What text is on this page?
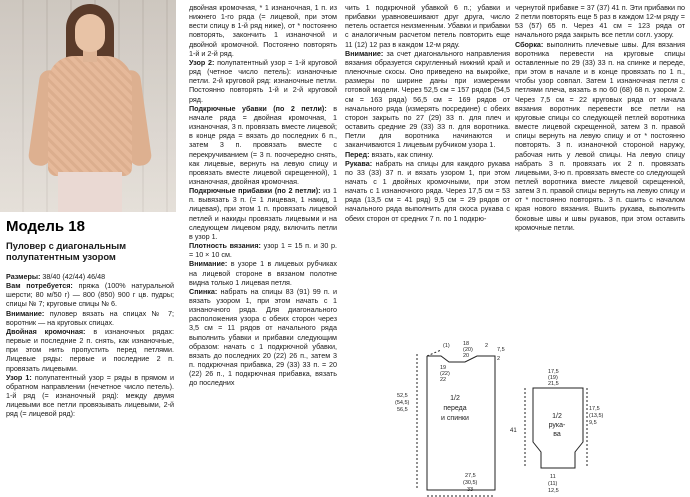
Модель 18
Пуловер с диагональным полупатентным узором

Размеры: 38/40 (42/44) 46/48

Вам потребуется: пряжа (100% натуральной шерсти; 80 м/50 г) — 800 (850) 900 г цв. пудры; спицы № 7; круговые спицы № 6.

Внимание: пуловер вязать на спицах № 7; воротник — на круговых спицах.

Двойная кромочная: в изнаночных рядах: первые и последние 2 п. снять, как изнаночные, при этом нить пропустить перед петлями. Лицевые ряды: первые и последние 2 п. провязать лицевыми.

Узор 1: полупатентный узор = ряды в прямом и обратном направлении (нечетное число петель). 1-й ряд (= изнаночный ряд): между двумя лицевыми все петли провязывать лицевыми, 2-й ряд (= лицевой ряд):

двойная кромочная, * 1 изнаночная, 1 п. из нижнего 1-го ряда (= лицевой, при этом вести спицу в 1-й ряд ниже), от * постоянно повторять, закончить 1 изнаночной и двойной кромочной. Постоянно повторять 1-й и 2-й ряд.

Узор 2: полупатентный узор = 1-й круговой ряд (четное число петель): изнаночные петли. 2-й круговой ряд: изнаночные петли. Постоянно повторять 1-й и 2-й круговой ряд.

Подкрючные убавки (по 2 петли): в начале ряда = двойная кромочная, 1 изнаночная, 3 п. провязать вместе лицевой; в конце ряда = вязать до последних 6 п., затем 3 п. провязать вместе с перекручиванием (= 3 п. поочередно снять, как лицевые, вернуть на левую спицу и провязать вместе лицевой скрещенной), 1 изнаночная, двойная кромочная.

Подкрючные прибавки (по 2 петли): из 1 п. вывязать 3 п. (= 1 лицевая, 1 накид, 1 лицевая), при этом 1 п. провязать лицевой петлей и накиды провязать лицевыми и на следующем лицевом ряду, включить петли в узор 1.

Плотность вязания: узор 1 = 15 п. и 30 р. = 10 × 10 см.

Внимание: в узоре 1 в лицевых рубчиках на лицевой стороне в вязаном полотне видна только 1 лицевая петля.

Спинка: набрать на спицы 83 (91) 99 п. и вязать узором 1, при этом начать с 1 изнаночного ряда. Для диагонального расположения узора с обеих сторон через 3,5 см = 11 рядов от начального ряда выполнить убавки и прибавки следующим образом: начать с 1 подкрючной убавки, вязать до последних 20 (22) 26 п., затем 3 п. подкрючная прибавка, 29 (33) 33 п. = 20 (22) 26 п., 1 подкрючная прибавка, вязать до последних

чить 1 подкрючной убавкой 6 п.; убавки и прибавки уравновешивают друг друга, число петель остается неизменным. Убавки и прибавки с аналогичным расчетом петель повторить еще 11 (12) 12 раз в каждом 12-м ряду.

Внимание: за счет диагонального направления вязания образуется скругленный нижний край и пленочные скосы. Оно приведено на выкройке, размеры по ширине даны при измерении готовой модели. Через 52,5 см = 157 рядов (54,5 см = 163 ряда) 56,5 см = 169 рядов от начального ряда (измерять посредине) с обеих сторон закрыть по 27 (29) 33 п. для плеч и оставить средние 29 (33) 33 п. для воротника. Петли для воротника начинаются и заканчиваются 1 лицевым рубчиком узора 1.

Перед: вязать, как спинку.

Рукава: набрать на спицы для каждого рукава по 33 (33) 37 п. и вязать узором 1, при этом начать с 1 двойных кромочными, при этом начать с 1 изнаночного ряда. Через 17,5 см = 53 ряда (13,5 см = 41 ряд) 9,5 см = 29 рядов от начального ряда выполнить для скоса рукава с обеих сторон от средних 7 п. по 1 подкрю-

чернутой прибавке = 37 (37) 41 п. Эти прибавки по 2 петли повторять еще 5 раз в каждом 12-м ряду = 53 (57) 65 п. Через 41 см = 123 ряда от начального ряда закрыть все петли согл. узору.

Сборка: выполнить плечевые швы. Для вязания воротника перевести на круговые спицы оставленные по 29 (33) 33 п. на спинке и переде, при этом в начале и в конце провязать по 1 п., чтобы узор совпал. Затем 1 изнаночная петля с петлями плеча, вязать в по 60 (68) 68 п. узором 2. Через 7,5 см = 22 круговых ряда от начала вязания воротник перевести все петли на круговые спицы со следующей петлей воротника вместе лицевой скрещенной, затем 3 п. правой спицы вернуть на левую спицу и от * постоянно повторять. 3 п. изнаночной стороной наружу, рабочая нить у левой спицы. На левую спицу набрать 3 п. провязать их 2 п. провязать лицевыми, 3-ю п. провязать вместе со следующей петлей воротника вместе лицевой скрещенной, затем 3 п. правой спицы вернуть на левую спицу и от * постоянно повторять. 3 п. сшить с началом края нового вязания. Вшить рукава, выполнить боковые швы и швы рукавов, при этом оставить кромочные петли.

1/2
переда
и спинки
(1)	2
7,5
2
18
(20)
20
19
(22)
22
52,5
(54,5)
56,5
27,5
(30,5)
33
1/2
рука-
ва
17,5
(19)
21,5
41
17,5
(13,5)
9,5
11
(11)
12,5
